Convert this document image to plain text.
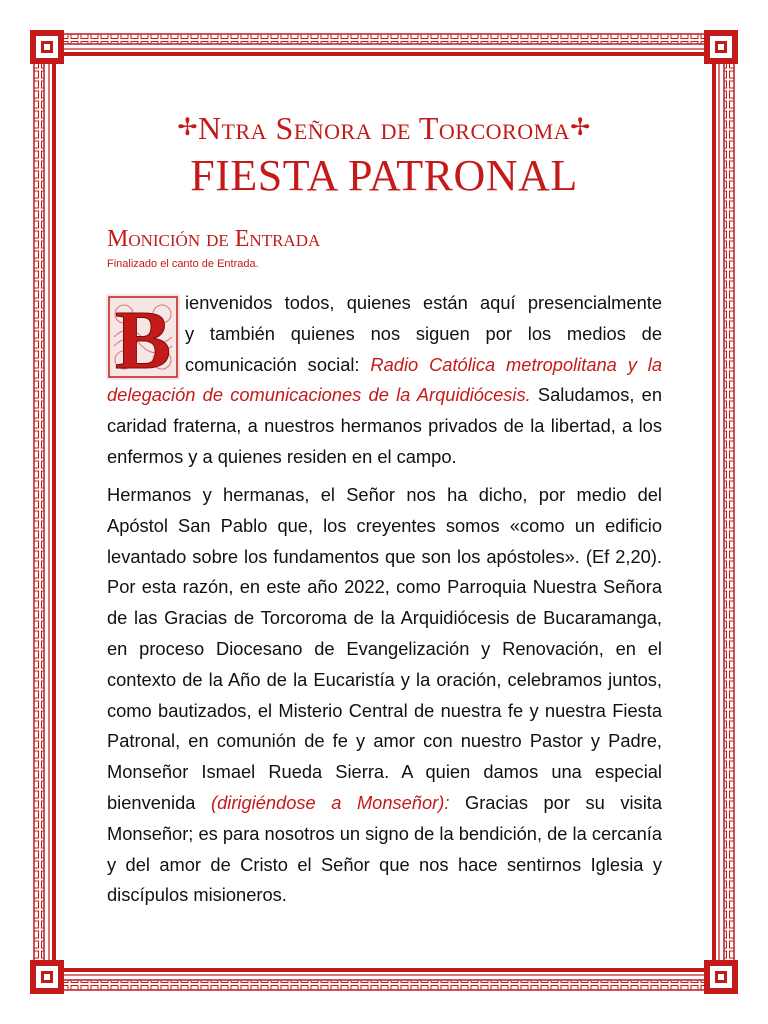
✢Ntra Señora de Torcoroma✢
FIESTA PATRONAL
Monición de Entrada
Finalizado el canto de Entrada.
B ienvenidos todos, quienes están aquí presencialmente
y también quienes nos siguen por los medios de
comunicación social: Radio Católica metropolitana y la delegación de comunicaciones de la Arquidiócesis. Saludamos, en caridad fraterna, a nuestros hermanos privados de la libertad, a los enfermos y a quienes residen en el campo.
Hermanos y hermanas, el Señor nos ha dicho, por medio del Apóstol San Pablo que, los creyentes somos «como un edificio levantado sobre los fundamentos que son los apóstoles». (Ef 2,20). Por esta razón, en este año 2022, como Parroquia Nuestra Señora de las Gracias de Torcoroma de la Arquidiócesis de Bucaramanga, en proceso Diocesano de Evangelización y Renovación, en el contexto de la Año de la Eucaristía y la oración, celebramos juntos, como bautizados, el Misterio Central de nuestra fe y nuestra Fiesta Patronal, en comunión de fe y amor con nuestro Pastor y Padre, Monseñor Ismael Rueda Sierra. A quien damos una especial bienvenida (dirigiéndose a Monseñor): Gracias por su visita Monseñor; es para nosotros un signo de la bendición, de la cercanía y del amor de Cristo el Señor que nos hace sentirnos Iglesia y discípulos misioneros.
